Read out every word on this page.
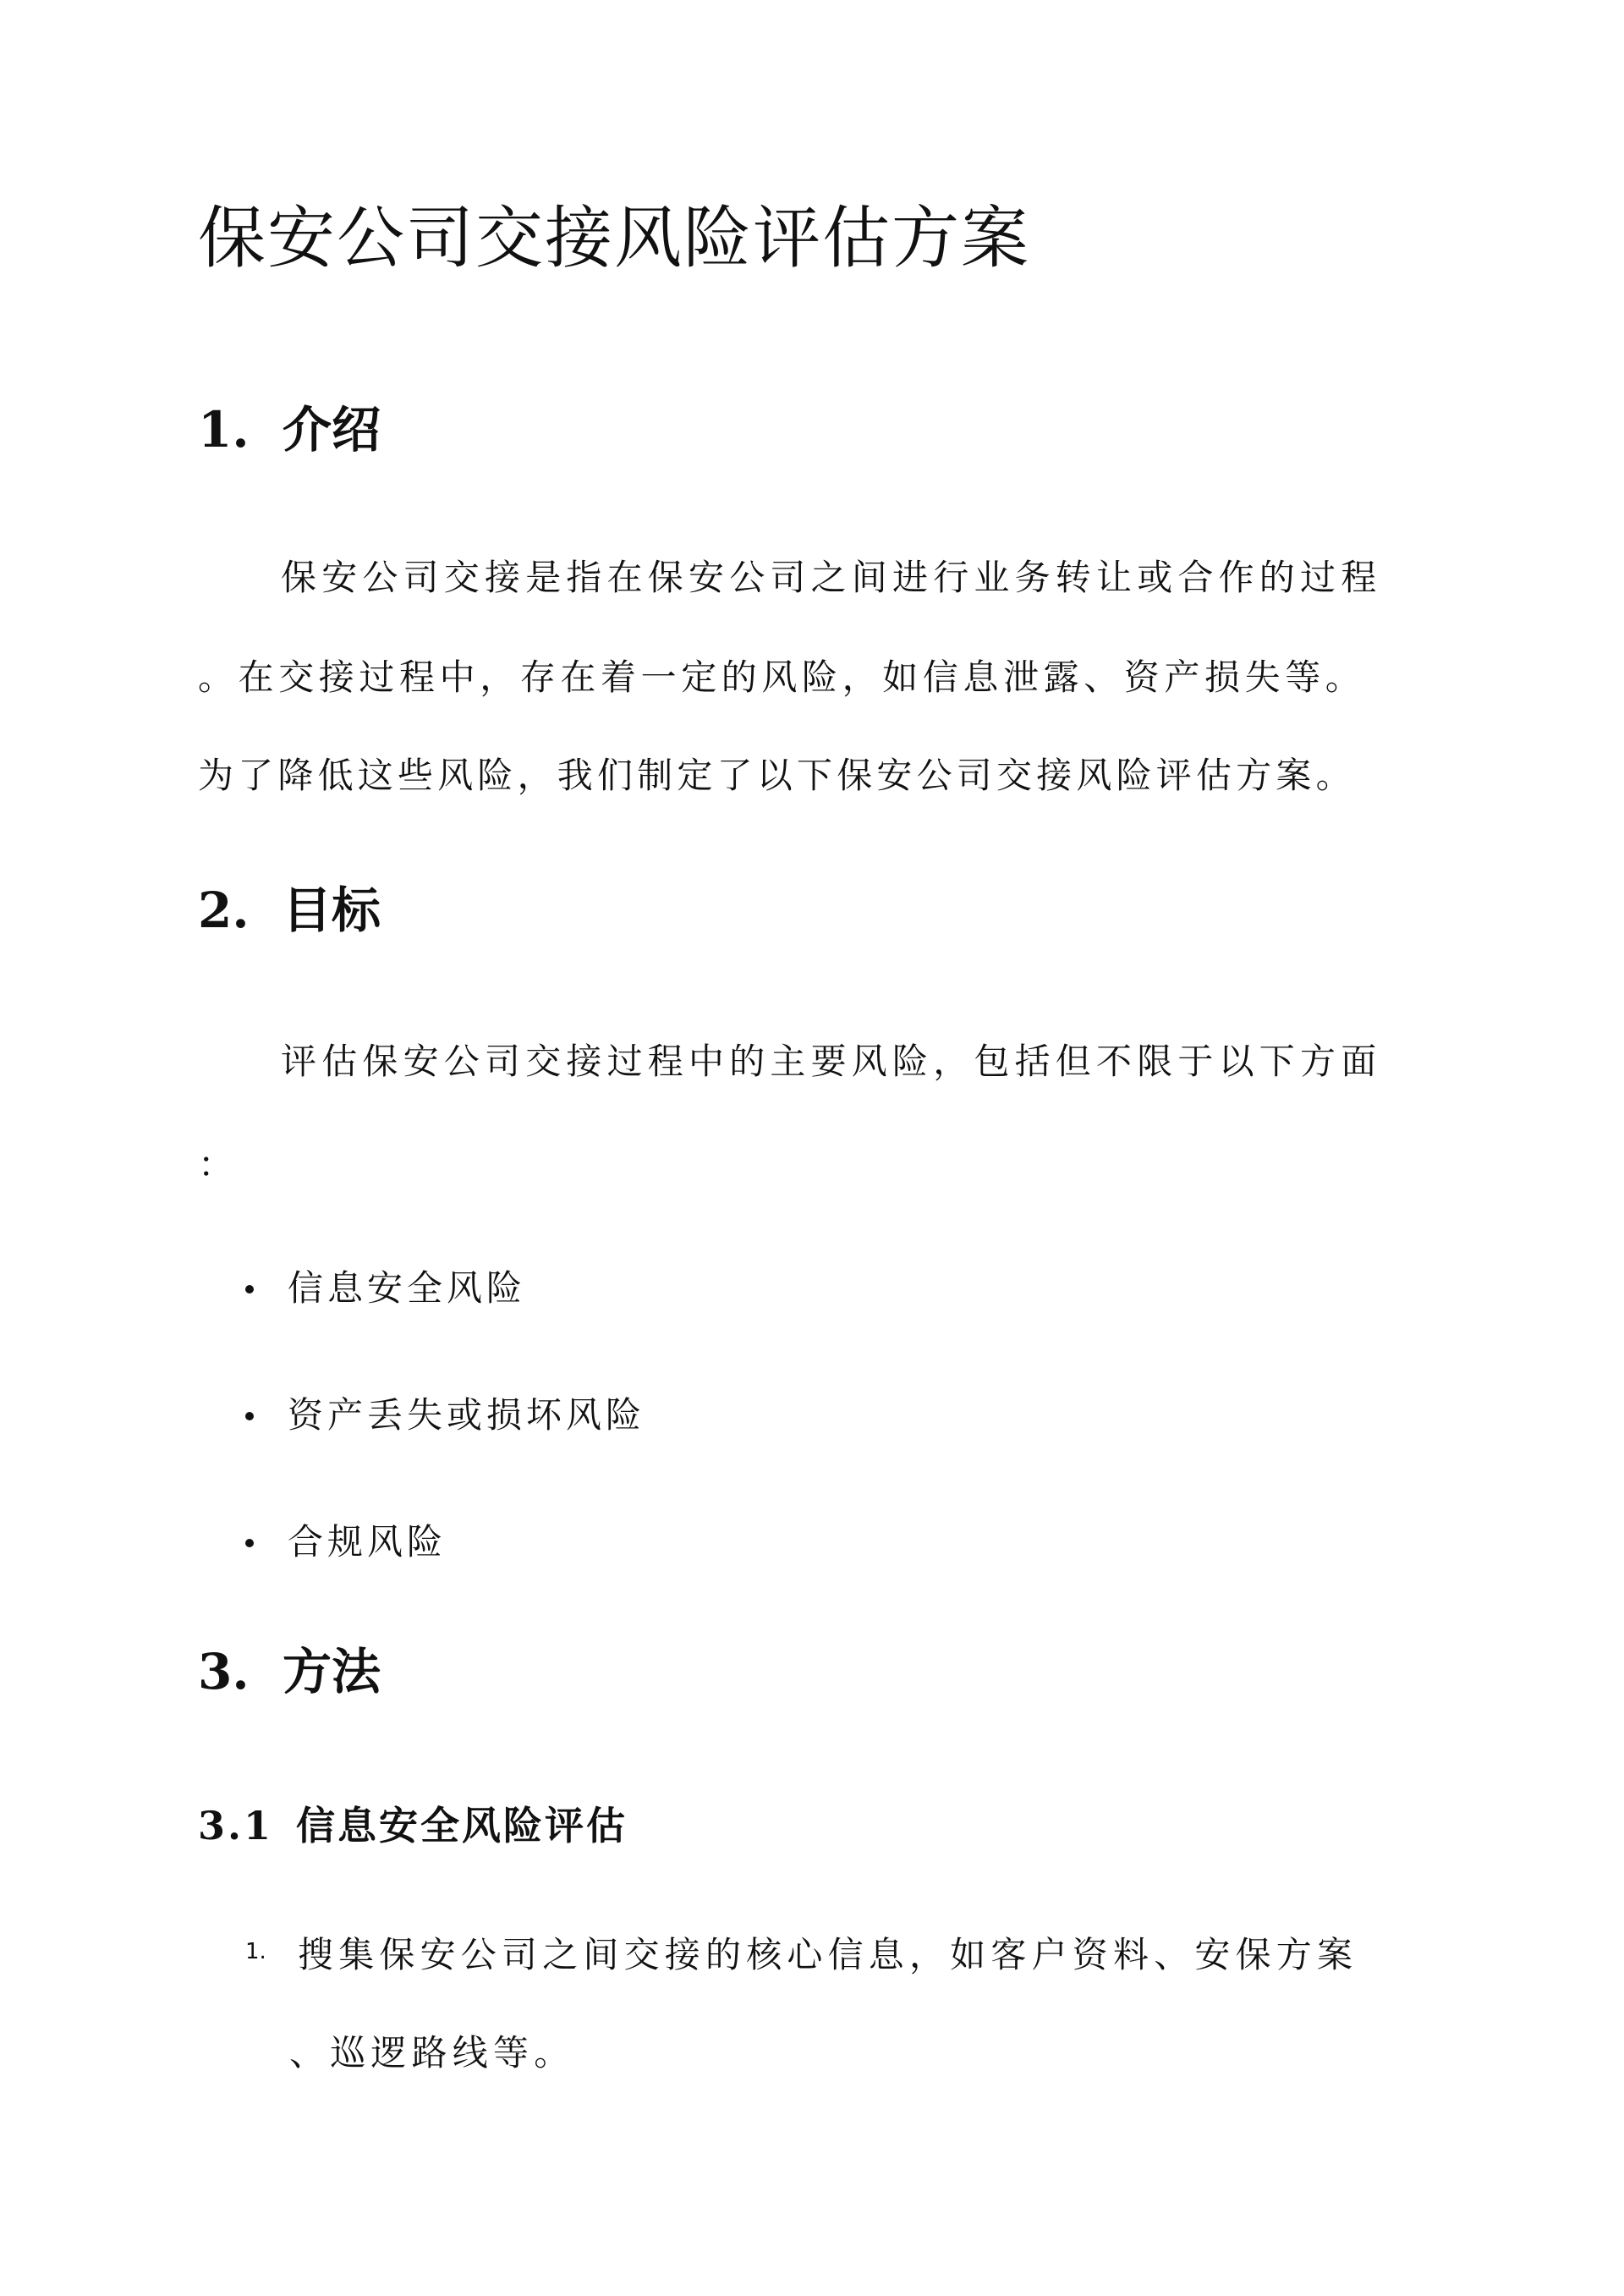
保安公司交接风险评估方案
1. 介绍
保安公司交接是指在保安公司之间进行业务转让或合作的过程
。在交接过程中，存在着一定的风险，如信息泄露、资产损失等。
为了降低这些风险，我们制定了以下保安公司交接风险评估方案。
2. 目标
评估保安公司交接过程中的主要风险，包括但不限于以下方面
：
信息安全风险
资产丢失或损坏风险
合规风险
3. 方法
3.1 信息安全风险评估
1. 搜集保安公司之间交接的核心信息，如客户资料、安保方案
、巡逻路线等。
